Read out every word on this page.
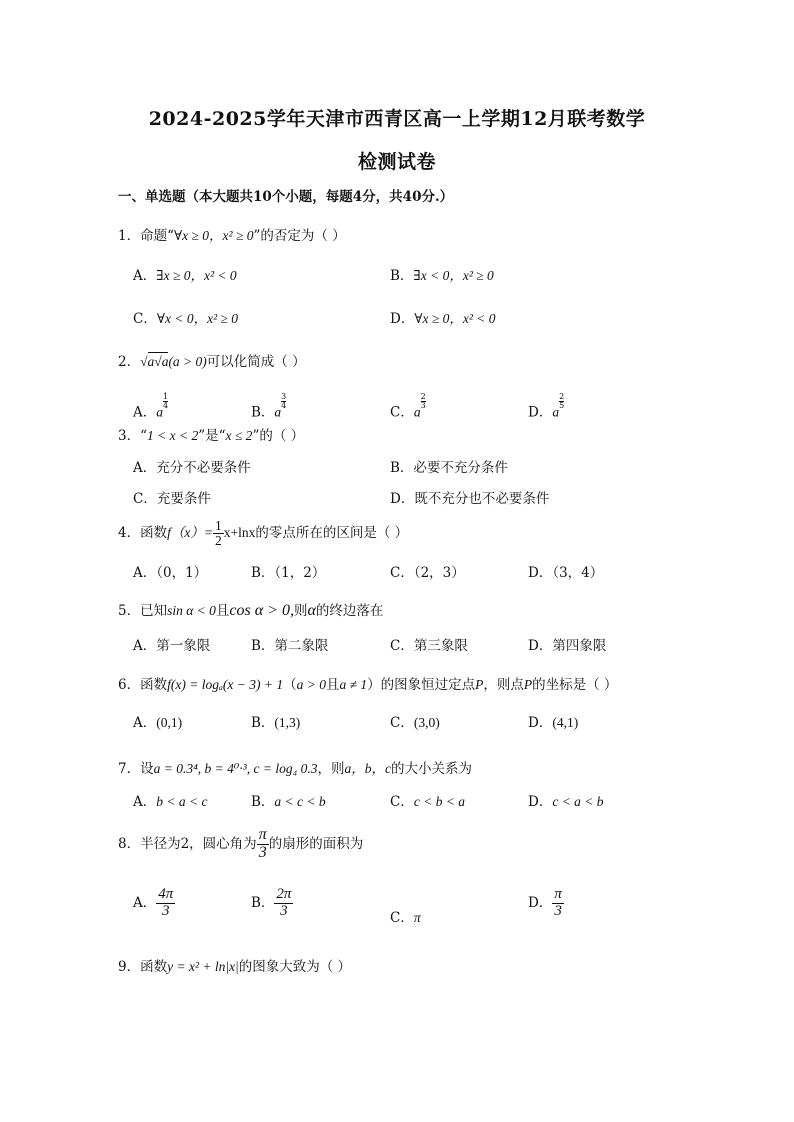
2024-2025学年天津市西青区高一上学期12月联考数学
检测试卷
一、单选题（本大题共10个小题，每题4分，共40分.）
1．命题“∀x ≥ 0，x² ≥ 0”的否定为（ ）
A．∃x ≥ 0，x² < 0	B．∃x < 0，x² ≥ 0
C．∀x < 0，x² ≥ 0	D．∀x ≥ 0，x² < 0
2．√a√a(a > 0)可以化简成（ ）
A．a
$\frac{1}{4}$
B．a
$\frac{3}{4}$
C．a
$\frac{2}{3}$
D．a
$\frac{2}{5}$
3．“1 < x < 2”是“x ≤ 2”的（ ）
A．充分不必要条件	B．必要不充分条件
C．充要条件	D．既不充分也不必要条件
4．函数$f(x)= \frac{1}{2} x+\ln x$的零点所在的区间是（ ）
A．（0，1）	B．（1，2）	C．（2，3）	D．（3，4）
5．已知sin α < 0且cos α > 0,则α的终边落在
A．第一象限	B．第二象限	C．第三象限	D．第四象限
6．函数f(x) = logₐ(x − 3) + 1（a > 0且a ≠ 1）的图象恒过定点P，则点P的坐标是（ ）
A．(0,1)	B．(1,3)	C．(3,0)	D．(4,1)
7．设a = 0.3⁴, b = 4⁰·³, c = log₄ 0.3，则a，b，c的大小关系为
A．b < a < c	B．a < c < b	C．c < b < a	D．c < a < b
8．半径为2，圆心角为 $\frac{\pi}{3}$ 的扇形的面积为
A． $\frac{4\pi}{3}$	B． $\frac{2\pi}{3}$	C．π
D． $\frac{\pi}{3}$
9．函数y = x² + ln|x|的图象大致为（ ）
